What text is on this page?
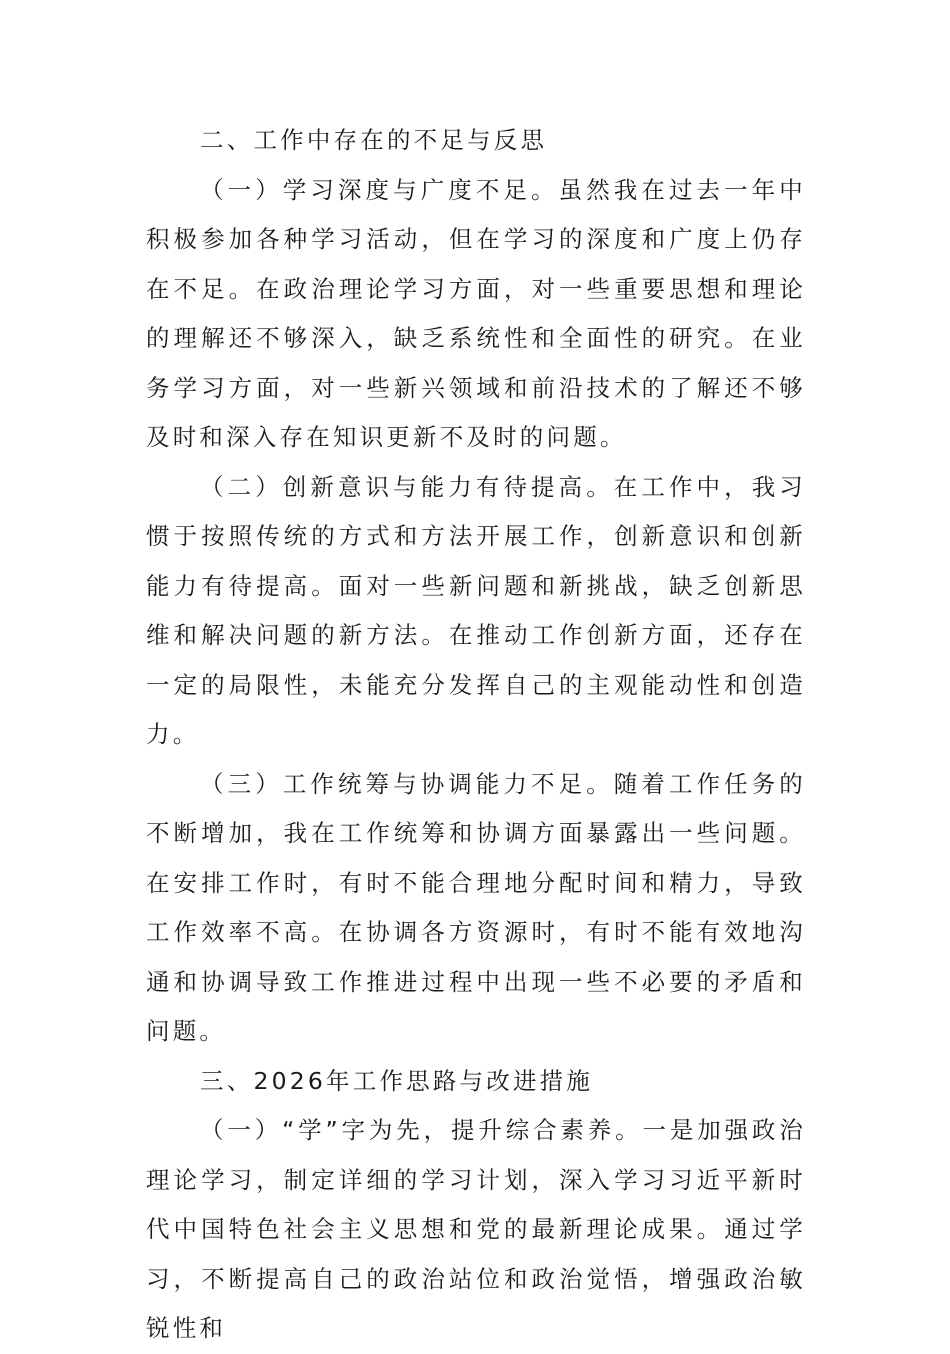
二、工作中存在的不足与反思

（一）学习深度与广度不足。虽然我在过去一年中积极参加各种学习活动，但在学习的深度和广度上仍存在不足。在政治理论学习方面，对一些重要思想和理论的理解还不够深入，缺乏系统性和全面性的研究。在业务学习方面，对一些新兴领域和前沿技术的了解还不够及时和深入存在知识更新不及时的问题。

（二）创新意识与能力有待提高。在工作中，我习惯于按照传统的方式和方法开展工作，创新意识和创新能力有待提高。面对一些新问题和新挑战，缺乏创新思维和解决问题的新方法。在推动工作创新方面，还存在一定的局限性，未能充分发挥自己的主观能动性和创造力。

（三）工作统筹与协调能力不足。随着工作任务的不断增加，我在工作统筹和协调方面暴露出一些问题。在安排工作时，有时不能合理地分配时间和精力，导致工作效率不高。在协调各方资源时，有时不能有效地沟通和协调导致工作推进过程中出现一些不必要的矛盾和问题。

三、2026年工作思路与改进措施

（一）“学”字为先，提升综合素养。一是加强政治理论学习，制定详细的学习计划，深入学习习近平新时代中国特色社会主义思想和党的最新理论成果。通过学习，不断提高自己的政治站位和政治觉悟，增强政治敏锐性和
